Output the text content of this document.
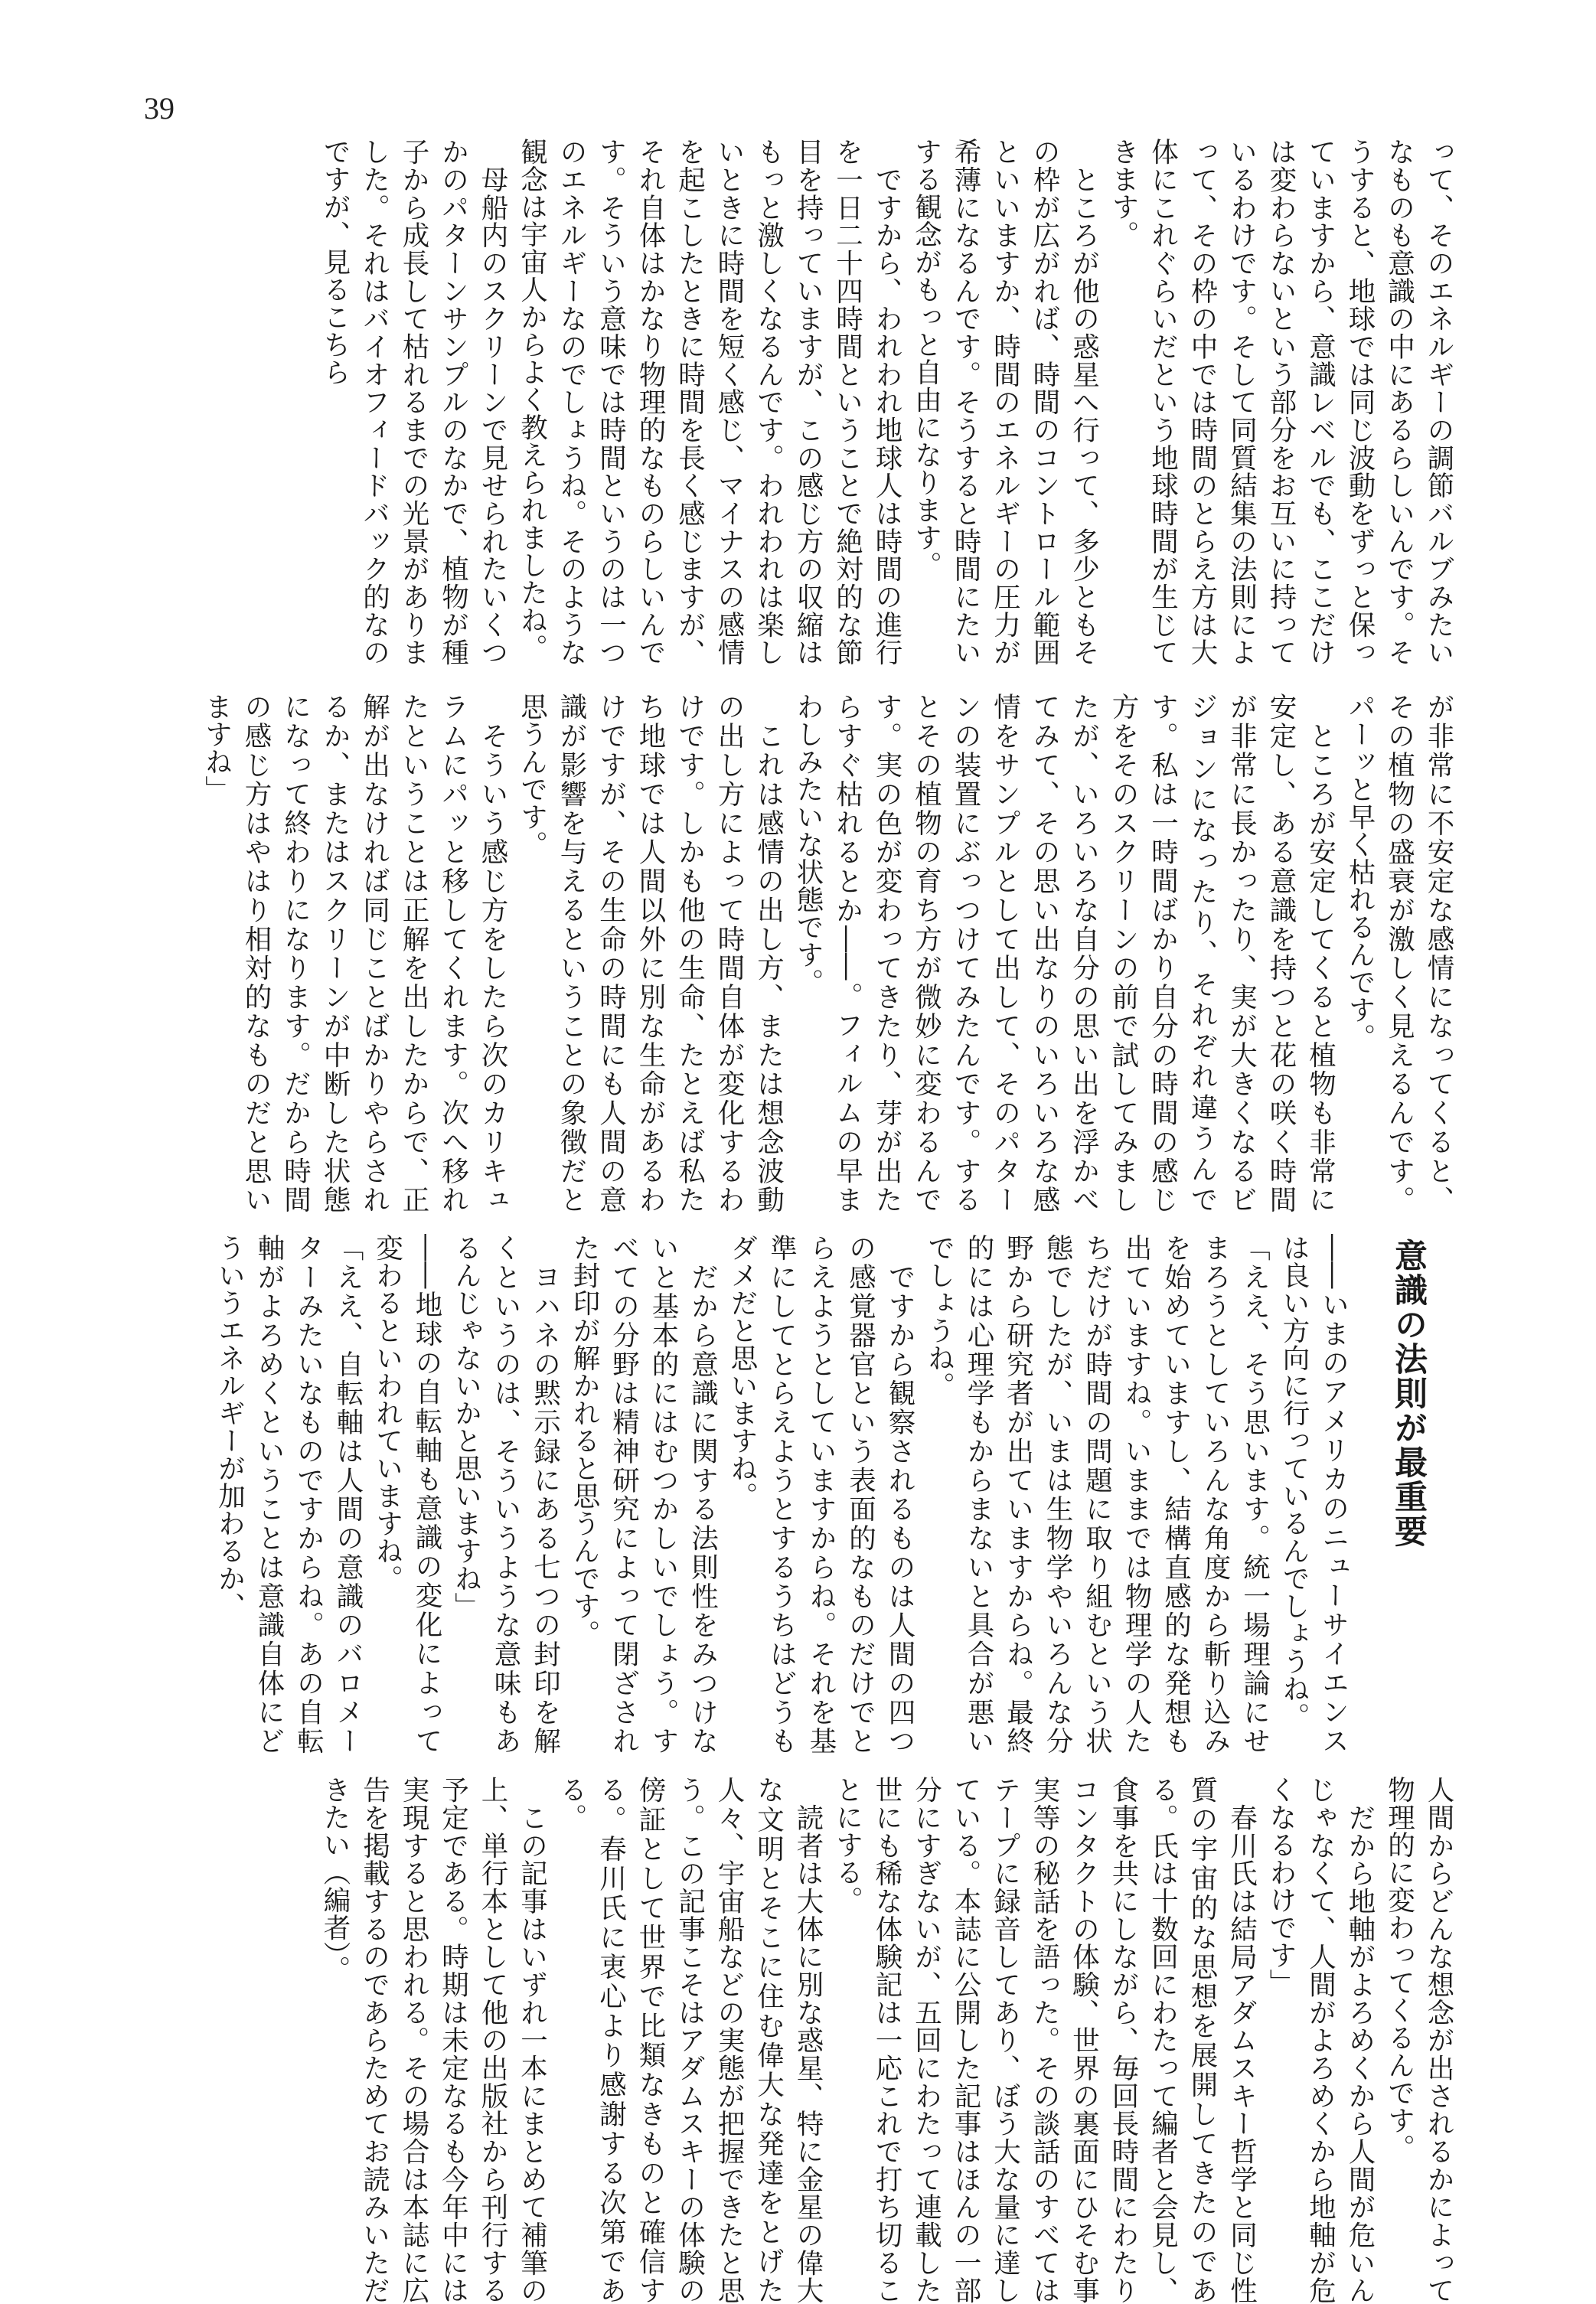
39

って、そのエネルギーの調節バルブみたいなものも意識の中にあるらしいんです。そうすると、地球では同じ波動をずっと保っていますから、意識レベルでも、ここだけは変わらないという部分をお互いに持っているわけです。そして同質結集の法則によって、その枠の中では時間のとらえ方は大体にこれぐらいだという地球時間が生じてきます。

　ところが他の惑星へ行って、多少ともその枠が広がれば、時間のコントロール範囲といいますか、時間のエネルギーの圧力が希薄になるんです。そうすると時間にたいする観念がもっと自由になります。

　ですから、われわれ地球人は時間の進行を一日二十四時間ということで絶対的な節目を持っていますが、この感じ方の収縮はもっと激しくなるんです。われわれは楽しいときに時間を短く感じ、マイナスの感情を起こしたときに時間を長く感じますが、それ自体はかなり物理的なものらしいんです。そういう意味では時間というのは一つのエネルギーなのでしょうね。そのような観念は宇宙人からよく教えられましたね。

　母船内のスクリーンで見せられたいくつかのパターンサンプルのなかで、植物が種子から成長して枯れるまでの光景がありました。それはバイオフィードバック的なのですが、見るこちら

が非常に不安定な感情になってくると、その植物の盛衰が激しく見えるんです。パーッと早く枯れるんです。

　ところが安定してくると植物も非常に安定し、ある意識を持つと花の咲く時間が非常に長かったり、実が大きくなるビジョンになったり、それぞれ違うんです。私は一時間ばかり自分の時間の感じ方をそのスクリーンの前で試してみましたが、いろいろな自分の思い出を浮かべてみて、その思い出なりのいろいろな感情をサンプルとして出して、そのパターンの装置にぶっつけてみたんです。するとその植物の育ち方が微妙に変わるんです。実の色が変わってきたり、芽が出たらすぐ枯れるとか――。フィルムの早まわしみたいな状態です。

　これは感情の出し方、または想念波動の出し方によって時間自体が変化するわけです。しかも他の生命、たとえば私たち地球では人間以外に別な生命があるわけですが、その生命の時間にも人間の意識が影響を与えるということの象徴だと思うんです。

　そういう感じ方をしたら次のカリキュラムにパッと移してくれます。次へ移れたということは正解を出したからで、正解が出なければ同じことばかりやらされるか、またはスクリーンが中断した状態になって終わりになります。だから時間の感じ方はやはり相対的なものだと思いますね」

意識の法則が最重要

――いまのアメリカのニューサイエンスは良い方向に行っているんでしょうね。

「ええ、そう思います。統一場理論にせまろうとしていろんな角度から斬り込みを始めていますし、結構直感的な発想も出ていますね。いままでは物理学の人たちだけが時間の問題に取り組むという状態でしたが、いまは生物学やいろんな分野から研究者が出ていますからね。最終的には心理学もからまないと具合が悪いでしょうね。

　ですから観察されるものは人間の四つの感覚器官という表面的なものだけでとらえようとしていますからね。それを基準にしてとらえようとするうちはどうもダメだと思いますね。

　だから意識に関する法則性をみつけないと基本的にはむつかしいでしょう。すべての分野は精神研究によって閉ざされた封印が解かれると思うんです。

　ヨハネの黙示録にある七つの封印を解くというのは、そういうような意味もあるんじゃないかと思いますね」

――地球の自転軸も意識の変化によって変わるといわれていますね。

「ええ、自転軸は人間の意識のバロメーターみたいなものですからね。あの自転軸がよろめくということは意識自体にどういうエネルギーが加わるか、

人間からどんな想念が出されるかによって物理的に変わってくるんです。

　だから地軸がよろめくから人間が危いんじゃなくて、人間がよろめくから地軸が危くなるわけです」

　春川氏は結局アダムスキー哲学と同じ性質の宇宙的な思想を展開してきたのである。氏は十数回にわたって編者と会見し、食事を共にしながら、毎回長時間にわたりコンタクトの体験、世界の裏面にひそむ事実等の秘話を語った。その談話のすべてはテープに録音してあり、ぼう大な量に達している。本誌に公開した記事はほんの一部分にすぎないが、五回にわたって連載した世にも稀な体験記は一応これで打ち切ることにする。

　読者は大体に別な惑星、特に金星の偉大な文明とそこに住む偉大な発達をとげた人々、宇宙船などの実態が把握できたと思う。この記事こそはアダムスキーの体験の傍証として世界で比類なきものと確信する。春川氏に衷心より感謝する次第である。

　この記事はいずれ一本にまとめて補筆の上、単行本として他の出版社から刊行する予定である。時期は未定なるも今年中には実現すると思われる。その場合は本誌に広告を掲載するのであらためてお読みいただきたい（編者）。
